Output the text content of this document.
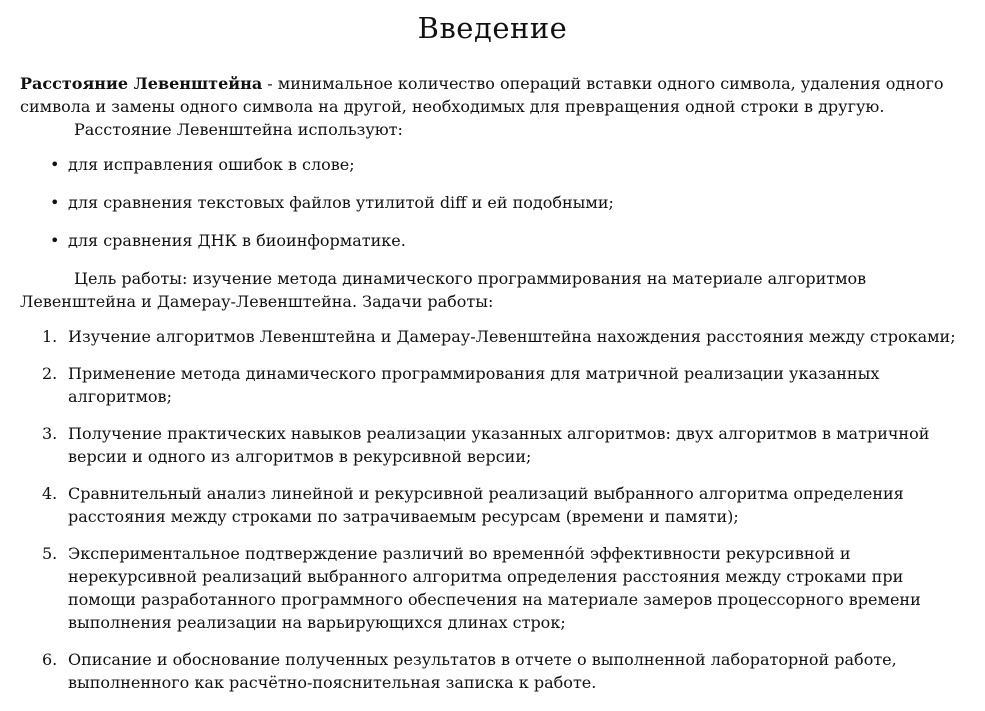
Введение

Расстояние Левенштейна - минимальное количество операций вставки одного символа, удаления одного символа и замены одного символа на другой, необходимых для превращения одной строки в другую.

Расстояние Левенштейна используют:

• для исправления ошибок в слове;
• для сравнения текстовых файлов утилитой diff и ей подобными;
• для сравнения ДНК в биоинформатике.

Цель работы: изучение метода динамического программирования на материале алгоритмов Левенштейна и Дамерау-Левенштейна. Задачи работы:

1. Изучение алгоритмов Левенштейна и Дамерау-Левенштейна нахождения расстояния между строками;
2. Применение метода динамического программирования для матричной реализации указанных алгоритмов;
3. Получение практических навыков реализации указанных алгоритмов: двух алгоритмов в матричной версии и одного из алгоритмов в рекурсивной версии;
4. Сравнительный анализ линейной и рекурсивной реализаций выбранного алгоритма определения расстояния между строками по затрачиваемым ресурсам (времени и памяти);
5. Экспериментальное подтверждение различий во временно́й эффективности рекурсивной и нерекурсивной реализаций выбранного алгоритма определения расстояния между строками при помощи разработанного программного обеспечения на материале замеров процессорного времени выполнения реализации на варьирующихся длинах строк;
6. Описание и обоснование полученных результатов в отчете о выполненной лабораторной работе, выполненного как расчётно-пояснительная записка к работе.
